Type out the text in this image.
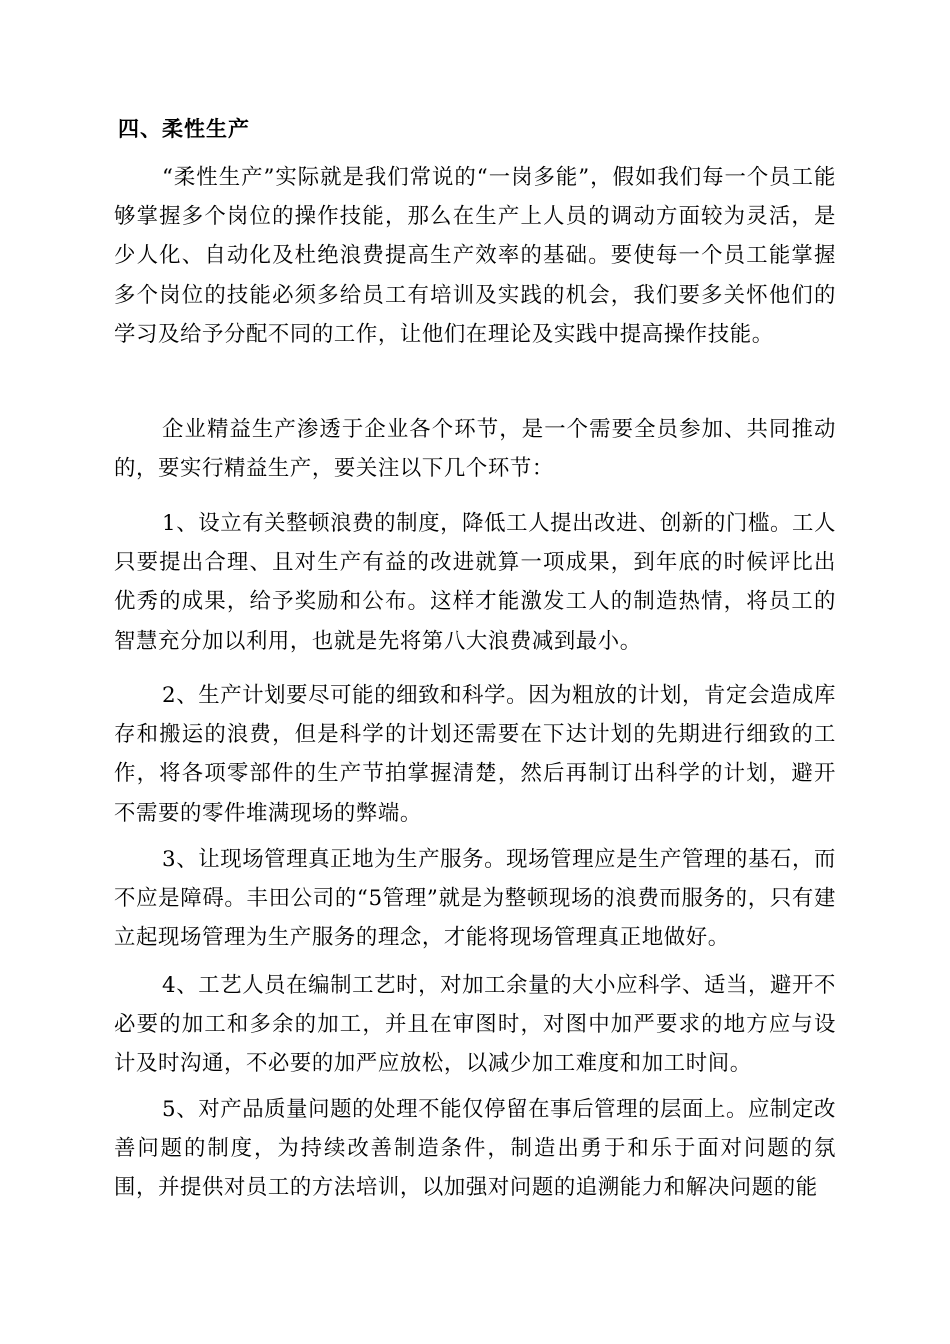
四、柔性生产

“柔性生产”实际就是我们常说的“一岗多能”，假如我们每一个员工能够掌握多个岗位的操作技能，那么在生产上人员的调动方面较为灵活，是少人化、自动化及杜绝浪费提高生产效率的基础。要使每一个员工能掌握多个岗位的技能必须多给员工有培训及实践的机会，我们要多关怀他们的学习及给予分配不同的工作，让他们在理论及实践中提高操作技能。

企业精益生产渗透于企业各个环节，是一个需要全员参加、共同推动的，要实行精益生产，要关注以下几个环节：

1、设立有关整顿浪费的制度，降低工人提出改进、创新的门槛。工人只要提出合理、且对生产有益的改进就算一项成果，到年底的时候评比出优秀的成果，给予奖励和公布。这样才能激发工人的制造热情，将员工的智慧充分加以利用，也就是先将第八大浪费减到最小。

2、生产计划要尽可能的细致和科学。因为粗放的计划，肯定会造成库存和搬运的浪费，但是科学的计划还需要在下达计划的先期进行细致的工作，将各项零部件的生产节拍掌握清楚，然后再制订出科学的计划，避开不需要的零件堆满现场的弊端。

3、让现场管理真正地为生产服务。现场管理应是生产管理的基石，而不应是障碍。丰田公司的“5管理”就是为整顿现场的浪费而服务的，只有建立起现场管理为生产服务的理念，才能将现场管理真正地做好。

4、工艺人员在编制工艺时，对加工余量的大小应科学、适当，避开不必要的加工和多余的加工，并且在审图时，对图中加严要求的地方应与设计及时沟通，不必要的加严应放松，以减少加工难度和加工时间。

5、对产品质量问题的处理不能仅停留在事后管理的层面上。应制定改善问题的制度，为持续改善制造条件，制造出勇于和乐于面对问题的氛围，并提供对员工的方法培训，以加强对问题的追溯能力和解决问题的能
